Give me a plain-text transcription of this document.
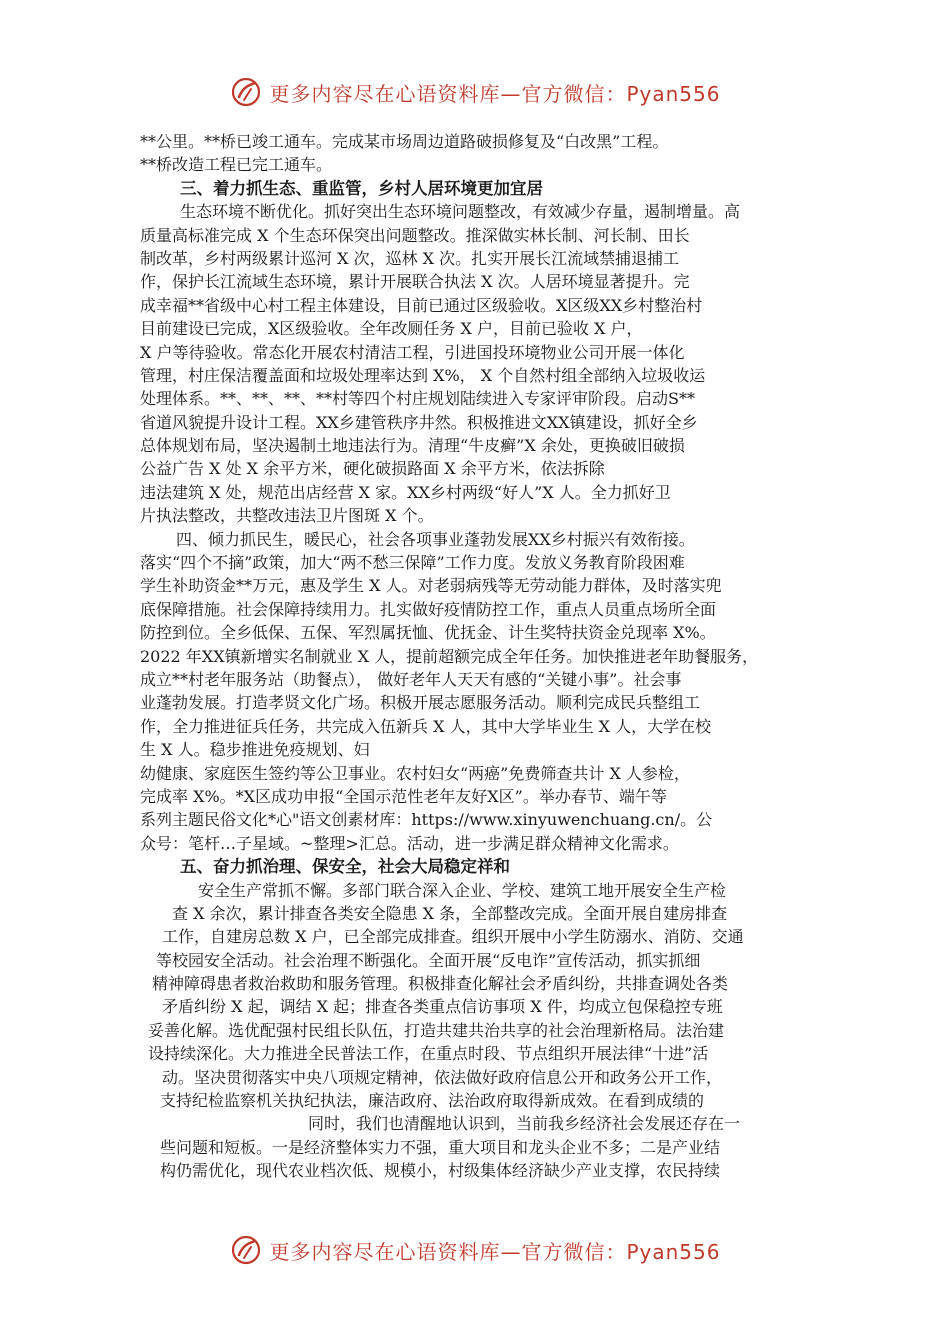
更多内容尽在心语资料库—官方微信：Pyan556
**公里。**桥已竣工通车。完成某市场周边道路破损修复及“白改黑”工程。
**桥改造工程已完工通车。
三、着力抓生态、重监管，乡村人居环境更加宜居
生态环境不断优化。抓好突出生态环境问题整改，有效减少存量，遏制增量。高
质量高标准完成 X 个生态环保突出问题整改。推深做实林长制、河长制、田长
制改革，乡村两级累计巡河 X 次，巡林 X 次。扎实开展长江流域禁捕退捕工
作，保护长江流域生态环境，累计开展联合执法 X 次。人居环境显著提升。完
成幸福**省级中心村工程主体建设，目前已通过区级验收。X区级XX乡村整治村
目前建设已完成，X区级验收。全年改厕任务 X 户，目前已验收 X 户，
X 户等待验收。常态化开展农村清洁工程，引进国投环境物业公司开展一体化
管理，村庄保洁覆盖面和垃圾处理率达到 X%， X 个自然村组全部纳入垃圾收运
处理体系。**、**、**、**村等四个村庄规划陆续进入专家评审阶段。启动S**
省道风貌提升设计工程。XX乡建管秩序井然。积极推进文XX镇建设，抓好全乡
总体规划布局，坚决遏制土地违法行为。清理“牛皮癣”X 余处，更换破旧破损
公益广告 X 处 X 余平方米，硬化破损路面 X 余平方米，依法拆除
违法建筑 X 处，规范出店经营 X 家。XX乡村两级“好人”X 人。全力抓好卫
片执法整改，共整改违法卫片图斑 X 个。
四、倾力抓民生，暖民心，社会各项事业蓬勃发展XX乡村振兴有效衔接。
落实“四个不摘”政策，加大“两不愁三保障”工作力度。发放义务教育阶段困难
学生补助资金**万元，惠及学生 X 人。对老弱病残等无劳动能力群体，及时落实兜
底保障措施。社会保障持续用力。扎实做好疫情防控工作，重点人员重点场所全面
防控到位。全乡低保、五保、军烈属抚恤、优抚金、计生奖特扶资金兑现率 X%。
2022 年XX镇新增实名制就业 X 人，提前超额完成全年任务。加快推进老年助餐服务，
成立**村老年服务站（助餐点）， 做好老年人天天有感的“关键小事”。社会事
业蓬勃发展。打造孝贤文化广场。积极开展志愿服务活动。顺利完成民兵整组工
作，全力推进征兵任务，共完成入伍新兵 X 人，其中大学毕业生 X 人，大学在校
生 X 人。稳步推进免疫规划、妇
幼健康、家庭医生签约等公卫事业。农村妇女“两癌”免费筛查共计 X 人参检，
完成率 X%。*X区成功申报“全国示范性老年友好X区”。举办春节、端午等
系列主题民俗文化*心"语文创素材库：https://www.xinyuwenchuang.cn/。公
众号：笔杆…子星域。~整理>汇总。活动，进一步满足群众精神文化需求。
五、奋力抓治理、保安全，社会大局稳定祥和
安全生产常抓不懈。多部门联合深入企业、学校、建筑工地开展安全生产检
查 X 余次，累计排查各类安全隐患 X 条，全部整改完成。全面开展自建房排查
工作，自建房总数 X 户，已全部完成排查。组织开展中小学生防溺水、消防、交通
等校园安全活动。社会治理不断强化。全面开展“反电诈”宣传活动，抓实抓细
精神障碍患者救治救助和服务管理。积极排查化解社会矛盾纠纷，共排查调处各类
矛盾纠纷 X 起，调结 X 起；排查各类重点信访事项 X 件，均成立包保稳控专班
妥善化解。选优配强村民组长队伍，打造共建共治共享的社会治理新格局。法治建
设持续深化。大力推进全民普法工作，在重点时段、节点组织开展法律“十进”活
动。坚决贯彻落实中央八项规定精神，依法做好政府信息公开和政务公开工作，
支持纪检监察机关执纪执法，廉洁政府、法治政府取得新成效。在看到成绩的
同时，我们也清醒地认识到，当前我乡经济社会发展还存在一
些问题和短板。一是经济整体实力不强，重大项目和龙头企业不多；二是产业结
构仍需优化，现代农业档次低、规模小，村级集体经济缺少产业支撑，农民持续
更多内容尽在心语资料库—官方微信：Pyan556
